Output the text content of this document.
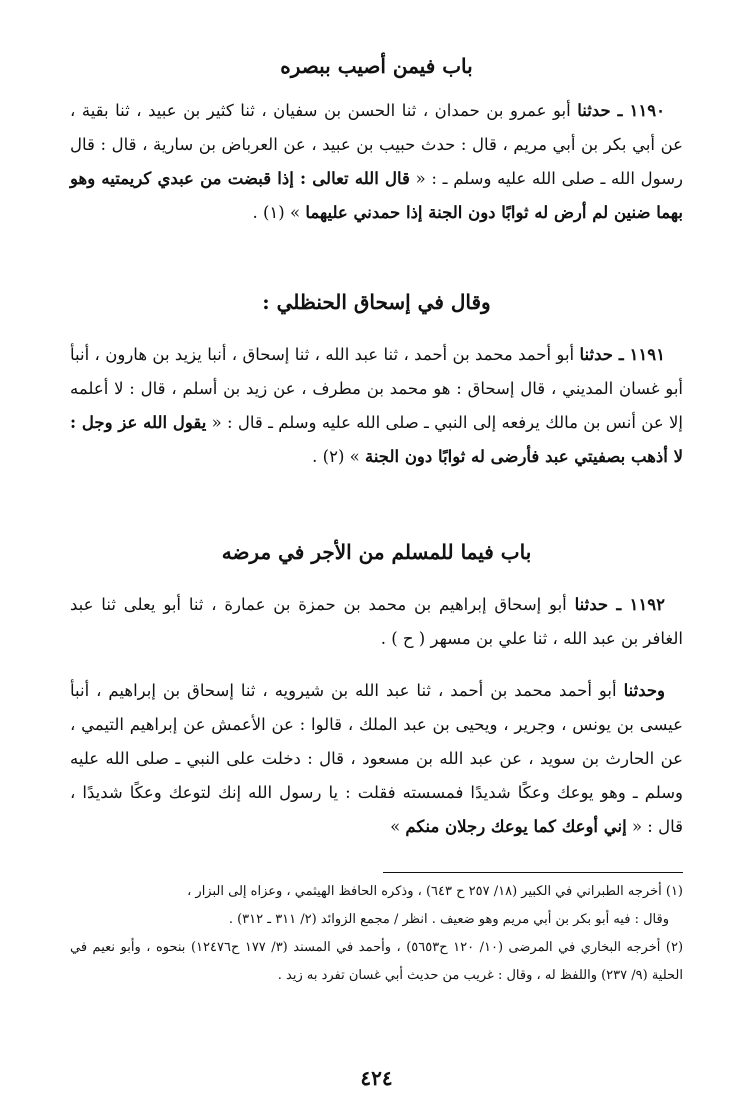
باب فيمن أصيب ببصره
١١٩٠ ـ حدثنا أبو عمرو بن حمدان ، ثنا الحسن بن سفيان ، ثنا كثير بن عبيد ، ثنا بقية ، عن أبي بكر بن أبي مريم ، قال : حدث حبيب بن عبيد ، عن العرباض بن سارية ، قال : قال رسول الله ـ صلى الله عليه وسلم ـ : « قال الله تعالى : إذا قبضت من عبدي كريمتيه وهو بهما ضنين لم أرض له ثوابًا دون الجنة إذا حمدني عليهما » (١) .
وقال في إسحاق الحنظلي :
١١٩١ ـ حدثنا أبو أحمد محمد بن أحمد ، ثنا عبد الله ، ثنا إسحاق ، أنبا يزيد بن هارون ، أنبأ أبو غسان المديني ، قال إسحاق : هو محمد بن مطرف ، عن زيد بن أسلم ، قال : لا أعلمه إلا عن أنس بن مالك يرفعه إلى النبي ـ صلى الله عليه وسلم ـ قال : « يقول الله عز وجل : لا أذهب بصفيتي عبد فأرضى له ثوابًا دون الجنة » (٢) .
باب فيما للمسلم من الأجر في مرضه
١١٩٢ ـ حدثنا أبو إسحاق إبراهيم بن محمد بن حمزة بن عمارة ، ثنا أبو يعلى ثنا عبد الغافر بن عبد الله ، ثنا علي بن مسهر ( ح ) .
وحدثنا أبو أحمد محمد بن أحمد ، ثنا عبد الله بن شيرويه ، ثنا إسحاق بن إبراهيم ، أنبأ عيسى بن يونس ، وجرير ، ويحيى بن عبد الملك ، قالوا : عن الأعمش عن إبراهيم التيمي ، عن الحارث بن سويد ، عن عبد الله بن مسعود ، قال : دخلت على النبي ـ صلى الله عليه وسلم ـ وهو يوعك وعكًا شديدًا فمسسته فقلت : يا رسول الله إنك لتوعك وعكًا شديدًا ، قال : « إني أوعك كما يوعك رجلان منكم »
(١) أخرجه الطبراني في الكبير (١٨/ ٢٥٧ ح ٦٤٣) ، وذكره الحافظ الهيثمي ، وعزاه إلى البزار ،
وقال : فيه أبو بكر بن أبي مريم وهو ضعيف . انظر / مجمع الزوائد (٢/ ٣١١ ـ ٣١٢) .
(٢) أخرجه البخاري في المرضى (١٠/ ١٢٠ ح٥٦٥٣) ، وأحمد في المسند (٣/ ١٧٧ ح١٢٤٧٦) بنحوه ، وأبو نعيم في الحلية (٩/ ٢٣٧) واللفظ له ، وقال : غريب من حديث أبي غسان تفرد به زيد .
٤٢٤
